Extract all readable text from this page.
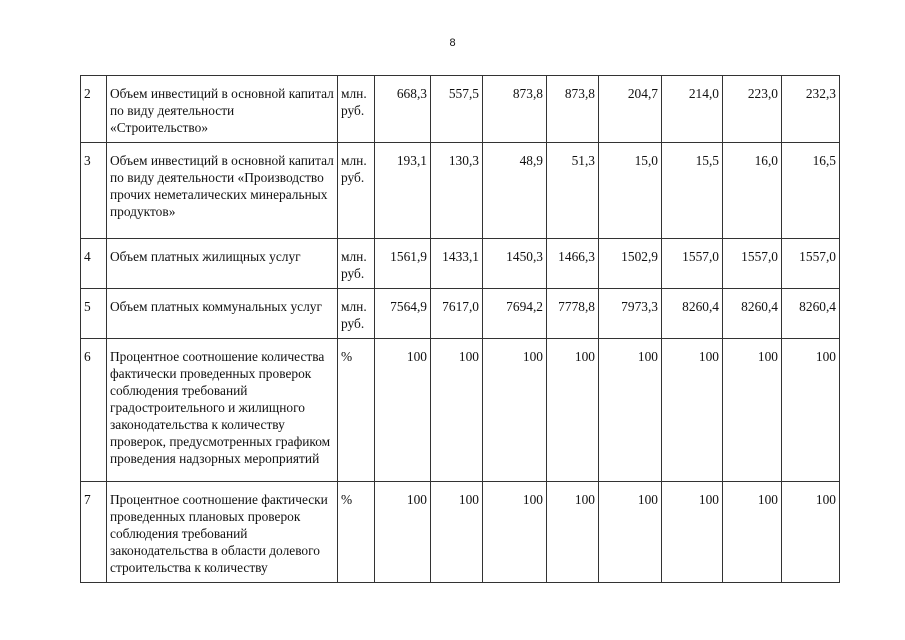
8
2	Объем инвестиций в основной капитал по виду деятельности «Строительство»	млн. руб.	668,3	557,5	873,8	873,8	204,7	214,0	223,0	232,3
3	Объем инвестиций в основной капитал по виду деятельности «Производство прочих неметалических минеральных продуктов»	млн. руб.	193,1	130,3	48,9	51,3	15,0	15,5	16,0	16,5
4	Объем платных жилищных услуг	млн. руб.	1561,9	1433,1	1450,3	1466,3	1502,9	1557,0	1557,0	1557,0
5	Объем платных коммунальных услуг	млн. руб.	7564,9	7617,0	7694,2	7778,8	7973,3	8260,4	8260,4	8260,4
6	Процентное соотношение количества фактически проведенных проверок соблюдения требований градостроительного и жилищного законодательства к количеству проверок, предусмотренных графиком проведения надзорных мероприятий	%	100	100	100	100	100	100	100	100
7	Процентное соотношение фактически проведенных плановых проверок соблюдения требований законодательства в области долевого строительства к количеству	%	100	100	100	100	100	100	100	100
